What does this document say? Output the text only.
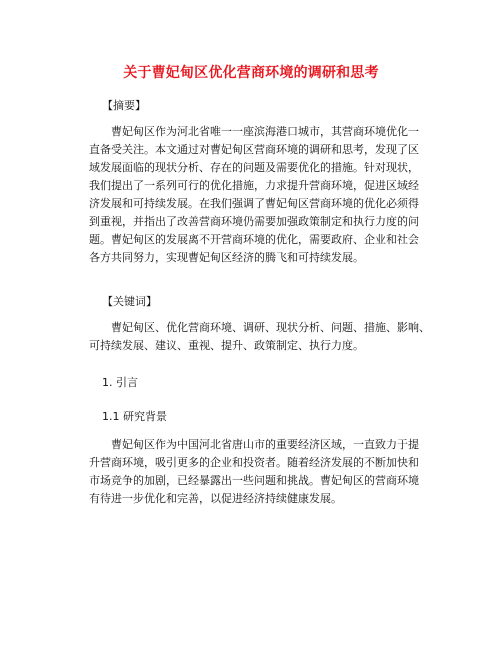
关于曹妃甸区优化营商环境的调研和思考
【摘要】
曹妃甸区作为河北省唯一一座滨海港口城市，其营商环境优化一
直备受关注。本文通过对曹妃甸区营商环境的调研和思考，发现了区
域发展面临的现状分析、存在的问题及需要优化的措施。针对现状，
我们提出了一系列可行的优化措施，力求提升营商环境，促进区域经
济发展和可持续发展。在我们强调了曹妃甸区营商环境的优化必须得
到重视，并指出了改善营商环境仍需要加强政策制定和执行力度的问
题。曹妃甸区的发展离不开营商环境的优化，需要政府、企业和社会
各方共同努力，实现曹妃甸区经济的腾飞和可持续发展。
【关键词】
曹妃甸区、优化营商环境、调研、现状分析、问题、措施、影响、
可持续发展、建议、重视、提升、政策制定、执行力度。
1. 引言
1.1 研究背景
曹妃甸区作为中国河北省唐山市的重要经济区域，一直致力于提
升营商环境，吸引更多的企业和投资者。随着经济发展的不断加快和
市场竞争的加剧，已经暴露出一些问题和挑战。曹妃甸区的营商环境
有待进一步优化和完善，以促进经济持续健康发展。
